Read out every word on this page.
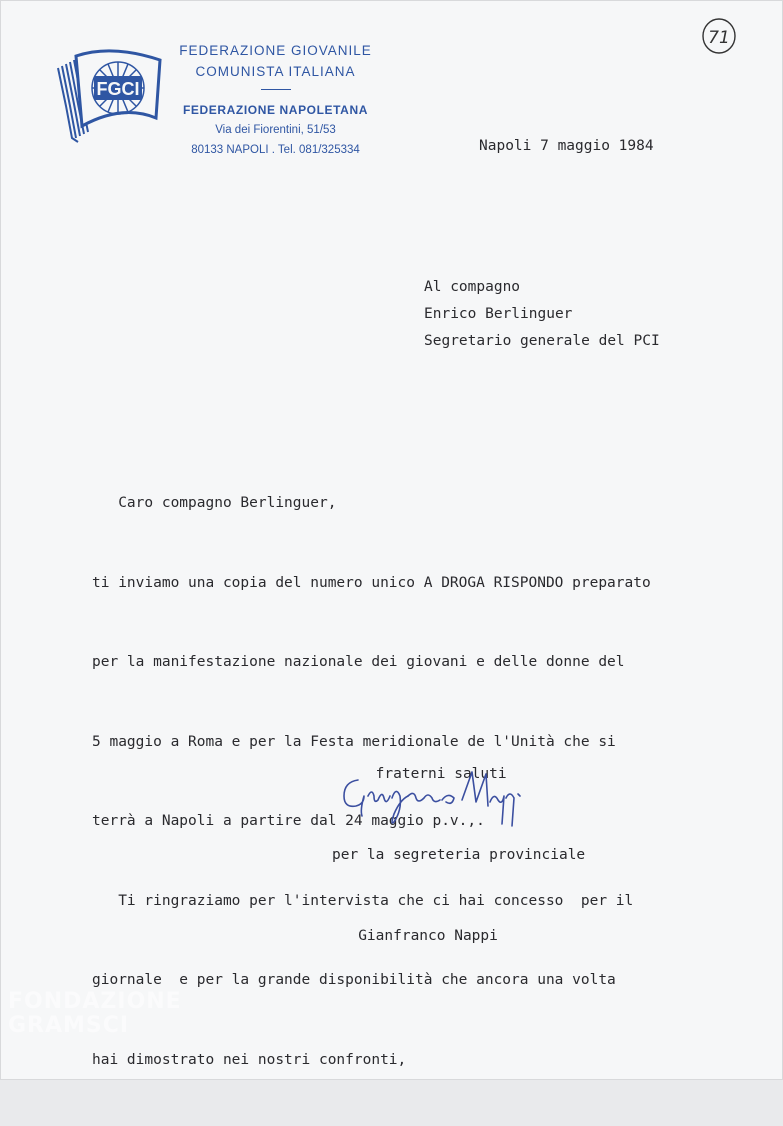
FGCI
FEDERAZIONE GIOVANILE
COMUNISTA ITALIANA
FEDERAZIONE NAPOLETANA
Via dei Fiorentini, 51/53
80133 NAPOLI . Tel. 081/325334
71
Napoli 7 maggio 1984
Al compagno
Enrico Berlinguer
Segretario generale del PCI

Caro compagno Berlinguer,

ti inviamo una copia del numero unico A DROGA RISPONDO preparato

per la manifestazione nazionale dei giovani e delle donne del

5 maggio a Roma e per la Festa meridionale de l'Unità che si

terrà a Napoli a partire dal 24 maggio p.v.,.

Ti ringraziamo per l'intervista che ci hai concesso  per il

giornale  e per la grande disponibilità che ancora una volta

hai dimostrato nei nostri confronti,

fraterni saluti

per la segreteria provinciale

Gianfranco Nappi

FONDAZIONE
GRAMSCI
